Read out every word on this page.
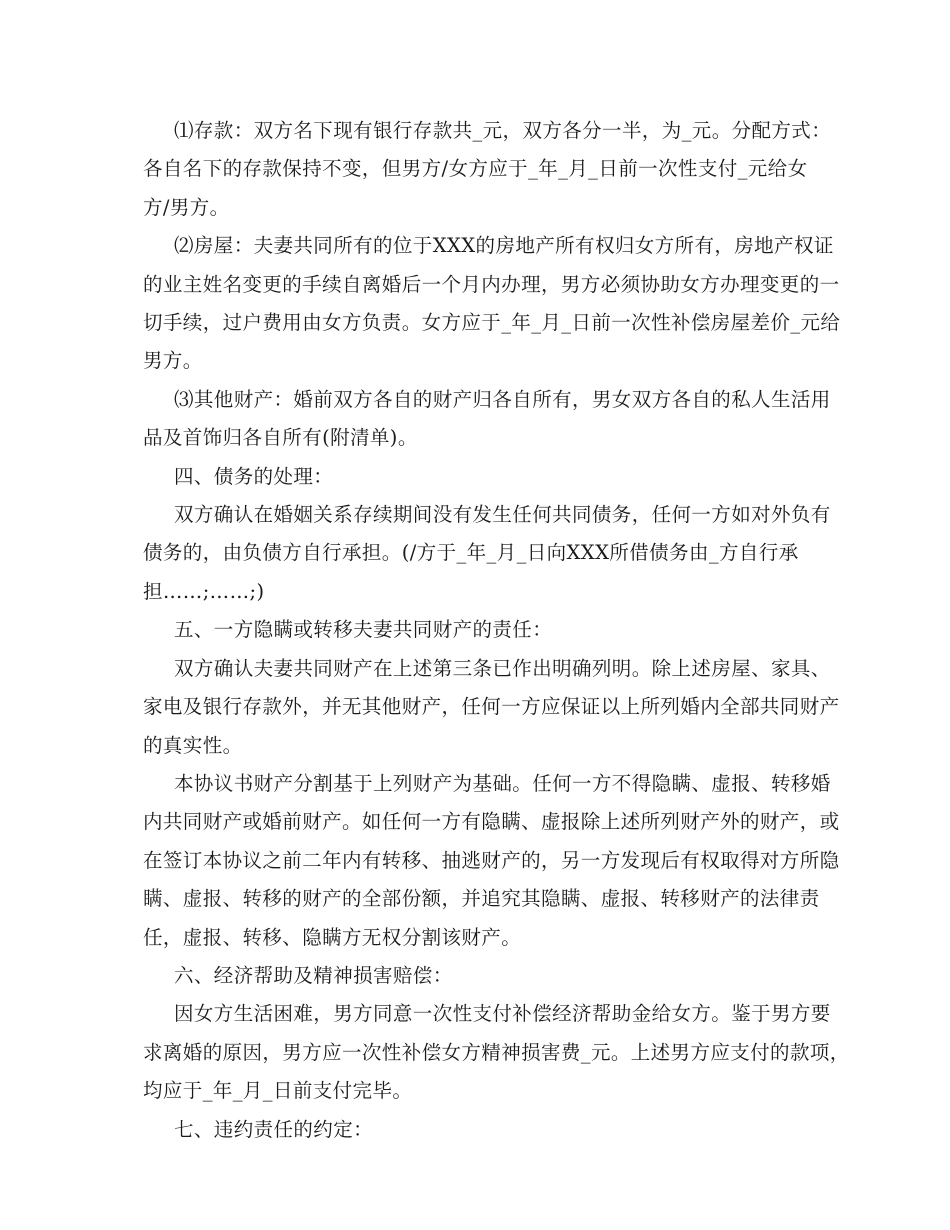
⑴存款：双方名下现有银行存款共_元，双方各分一半，为_元。分配方式：
各自名下的存款保持不变，但男方/女方应于_年_月_日前一次性支付_元给女
方/男方。

⑵房屋：夫妻共同所有的位于XXX的房地产所有权归女方所有，房地产权证
的业主姓名变更的手续自离婚后一个月内办理，男方必须协助女方办理变更的一
切手续，过户费用由女方负责。女方应于_年_月_日前一次性补偿房屋差价_元给
男方。

⑶其他财产：婚前双方各自的财产归各自所有，男女双方各自的私人生活用
品及首饰归各自所有(附清单)。

四、债务的处理：

双方确认在婚姻关系存续期间没有发生任何共同债务，任何一方如对外负有
债务的，由负债方自行承担。(/方于_年_月_日向XXX所借债务由_方自行承
担……;……;)

五、一方隐瞒或转移夫妻共同财产的责任：

双方确认夫妻共同财产在上述第三条已作出明确列明。除上述房屋、家具、
家电及银行存款外，并无其他财产，任何一方应保证以上所列婚内全部共同财产
的真实性。

本协议书财产分割基于上列财产为基础。任何一方不得隐瞒、虚报、转移婚
内共同财产或婚前财产。如任何一方有隐瞒、虚报除上述所列财产外的财产，或
在签订本协议之前二年内有转移、抽逃财产的，另一方发现后有权取得对方所隐
瞒、虚报、转移的财产的全部份额，并追究其隐瞒、虚报、转移财产的法律责
任，虚报、转移、隐瞒方无权分割该财产。

六、经济帮助及精神损害赔偿：

因女方生活困难，男方同意一次性支付补偿经济帮助金给女方。鉴于男方要
求离婚的原因，男方应一次性补偿女方精神损害费_元。上述男方应支付的款项，
均应于_年_月_日前支付完毕。

七、违约责任的约定：
